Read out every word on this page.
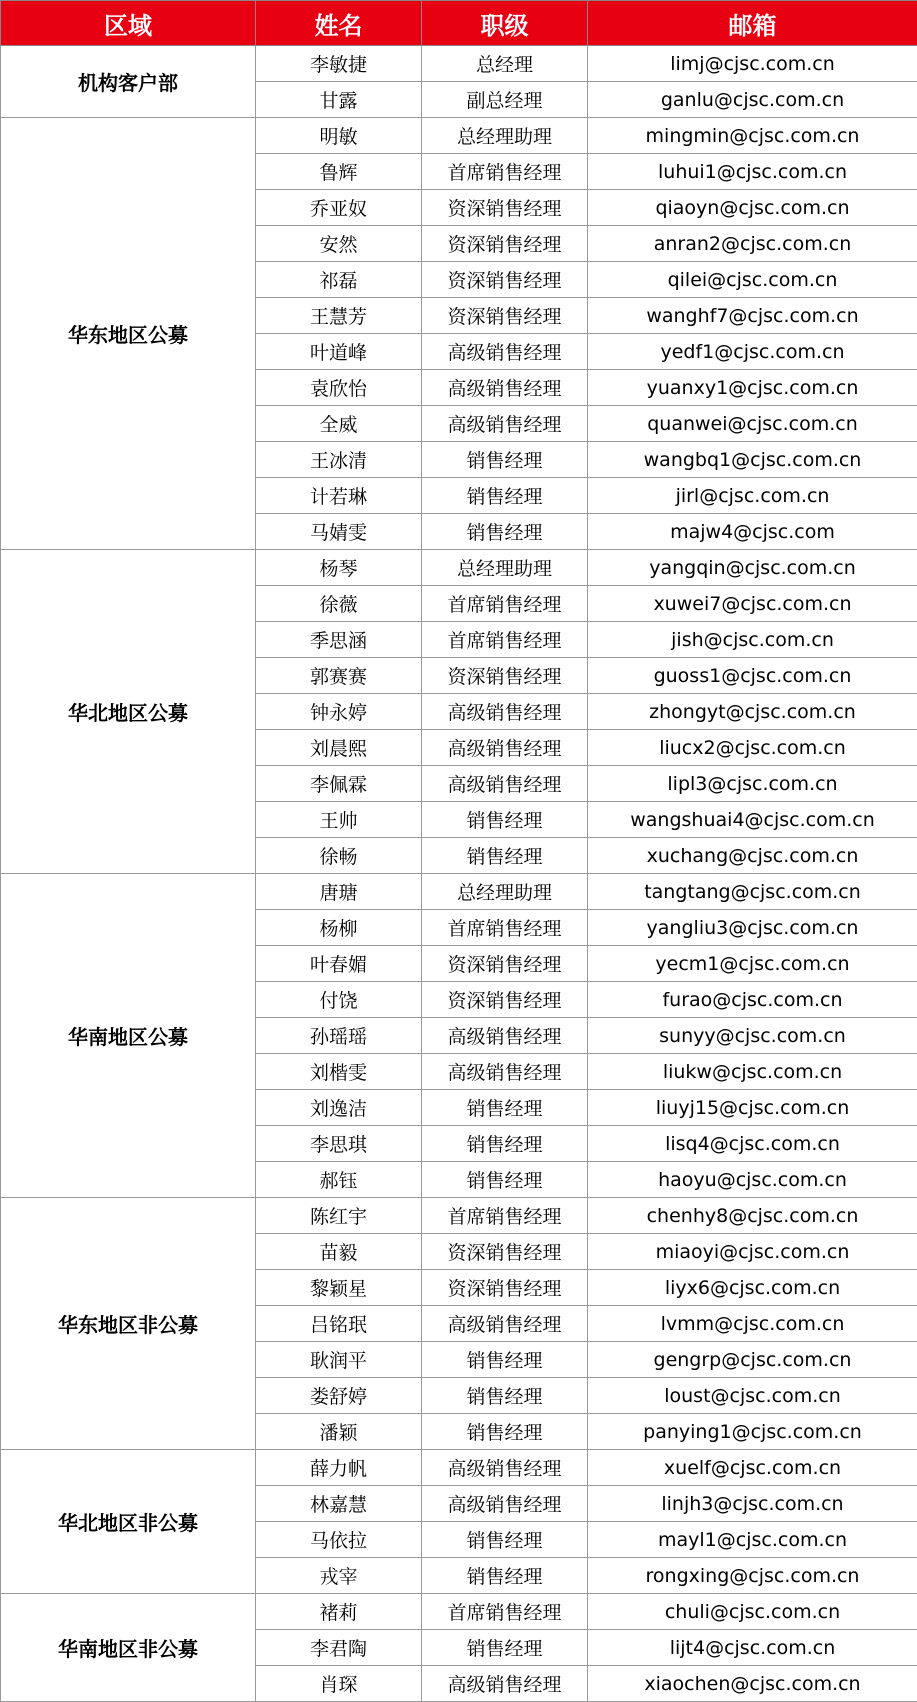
区域	姓名	职级	邮箱
机构客户部	李敏捷	总经理	limj@cjsc.com.cn
	甘露	副总经理	ganlu@cjsc.com.cn
华东地区公募	明敏	总经理助理	mingmin@cjsc.com.cn
	鲁辉	首席销售经理	luhui1@cjsc.com.cn
	乔亚奴	资深销售经理	qiaoyn@cjsc.com.cn
	安然	资深销售经理	anran2@cjsc.com.cn
	祁磊	资深销售经理	qilei@cjsc.com.cn
	王慧芳	资深销售经理	wanghf7@cjsc.com.cn
	叶道峰	高级销售经理	yedf1@cjsc.com.cn
	袁欣怡	高级销售经理	yuanxy1@cjsc.com.cn
	全威	高级销售经理	quanwei@cjsc.com.cn
	王冰清	销售经理	wangbq1@cjsc.com.cn
	计若琳	销售经理	jirl@cjsc.com.cn
	马婧雯	销售经理	majw4@cjsc.com
华北地区公募	杨琴	总经理助理	yangqin@cjsc.com.cn
	徐薇	首席销售经理	xuwei7@cjsc.com.cn
	季思涵	首席销售经理	jish@cjsc.com.cn
	郭赛赛	资深销售经理	guoss1@cjsc.com.cn
	钟永婷	高级销售经理	zhongyt@cjsc.com.cn
	刘晨熙	高级销售经理	liucx2@cjsc.com.cn
	李佩霖	高级销售经理	lipl3@cjsc.com.cn
	王帅	销售经理	wangshuai4@cjsc.com.cn
	徐畅	销售经理	xuchang@cjsc.com.cn
华南地区公募	唐瑭	总经理助理	tangtang@cjsc.com.cn
	杨柳	首席销售经理	yangliu3@cjsc.com.cn
	叶春媚	资深销售经理	yecm1@cjsc.com.cn
	付饶	资深销售经理	furao@cjsc.com.cn
	孙瑶瑶	高级销售经理	sunyy@cjsc.com.cn
	刘楷雯	高级销售经理	liukw@cjsc.com.cn
	刘逸洁	销售经理	liuyj15@cjsc.com.cn
	李思琪	销售经理	lisq4@cjsc.com.cn
	郝钰	销售经理	haoyu@cjsc.com.cn
华东地区非公募	陈红宇	首席销售经理	chenhy8@cjsc.com.cn
	苗毅	资深销售经理	miaoyi@cjsc.com.cn
	黎颖星	资深销售经理	liyx6@cjsc.com.cn
	吕铭珉	高级销售经理	lvmm@cjsc.com.cn
	耿润平	销售经理	gengrp@cjsc.com.cn
	娄舒婷	销售经理	loust@cjsc.com.cn
	潘颖	销售经理	panying1@cjsc.com.cn
华北地区非公募	薛力帆	高级销售经理	xuelf@cjsc.com.cn
	林嘉慧	高级销售经理	linjh3@cjsc.com.cn
	马依拉	销售经理	mayl1@cjsc.com.cn
	戎宰	销售经理	rongxing@cjsc.com.cn
华南地区非公募	褚莉	首席销售经理	chuli@cjsc.com.cn
	李君陶	销售经理	lijt4@cjsc.com.cn
	肖琛	高级销售经理	xiaochen@cjsc.com.cn
